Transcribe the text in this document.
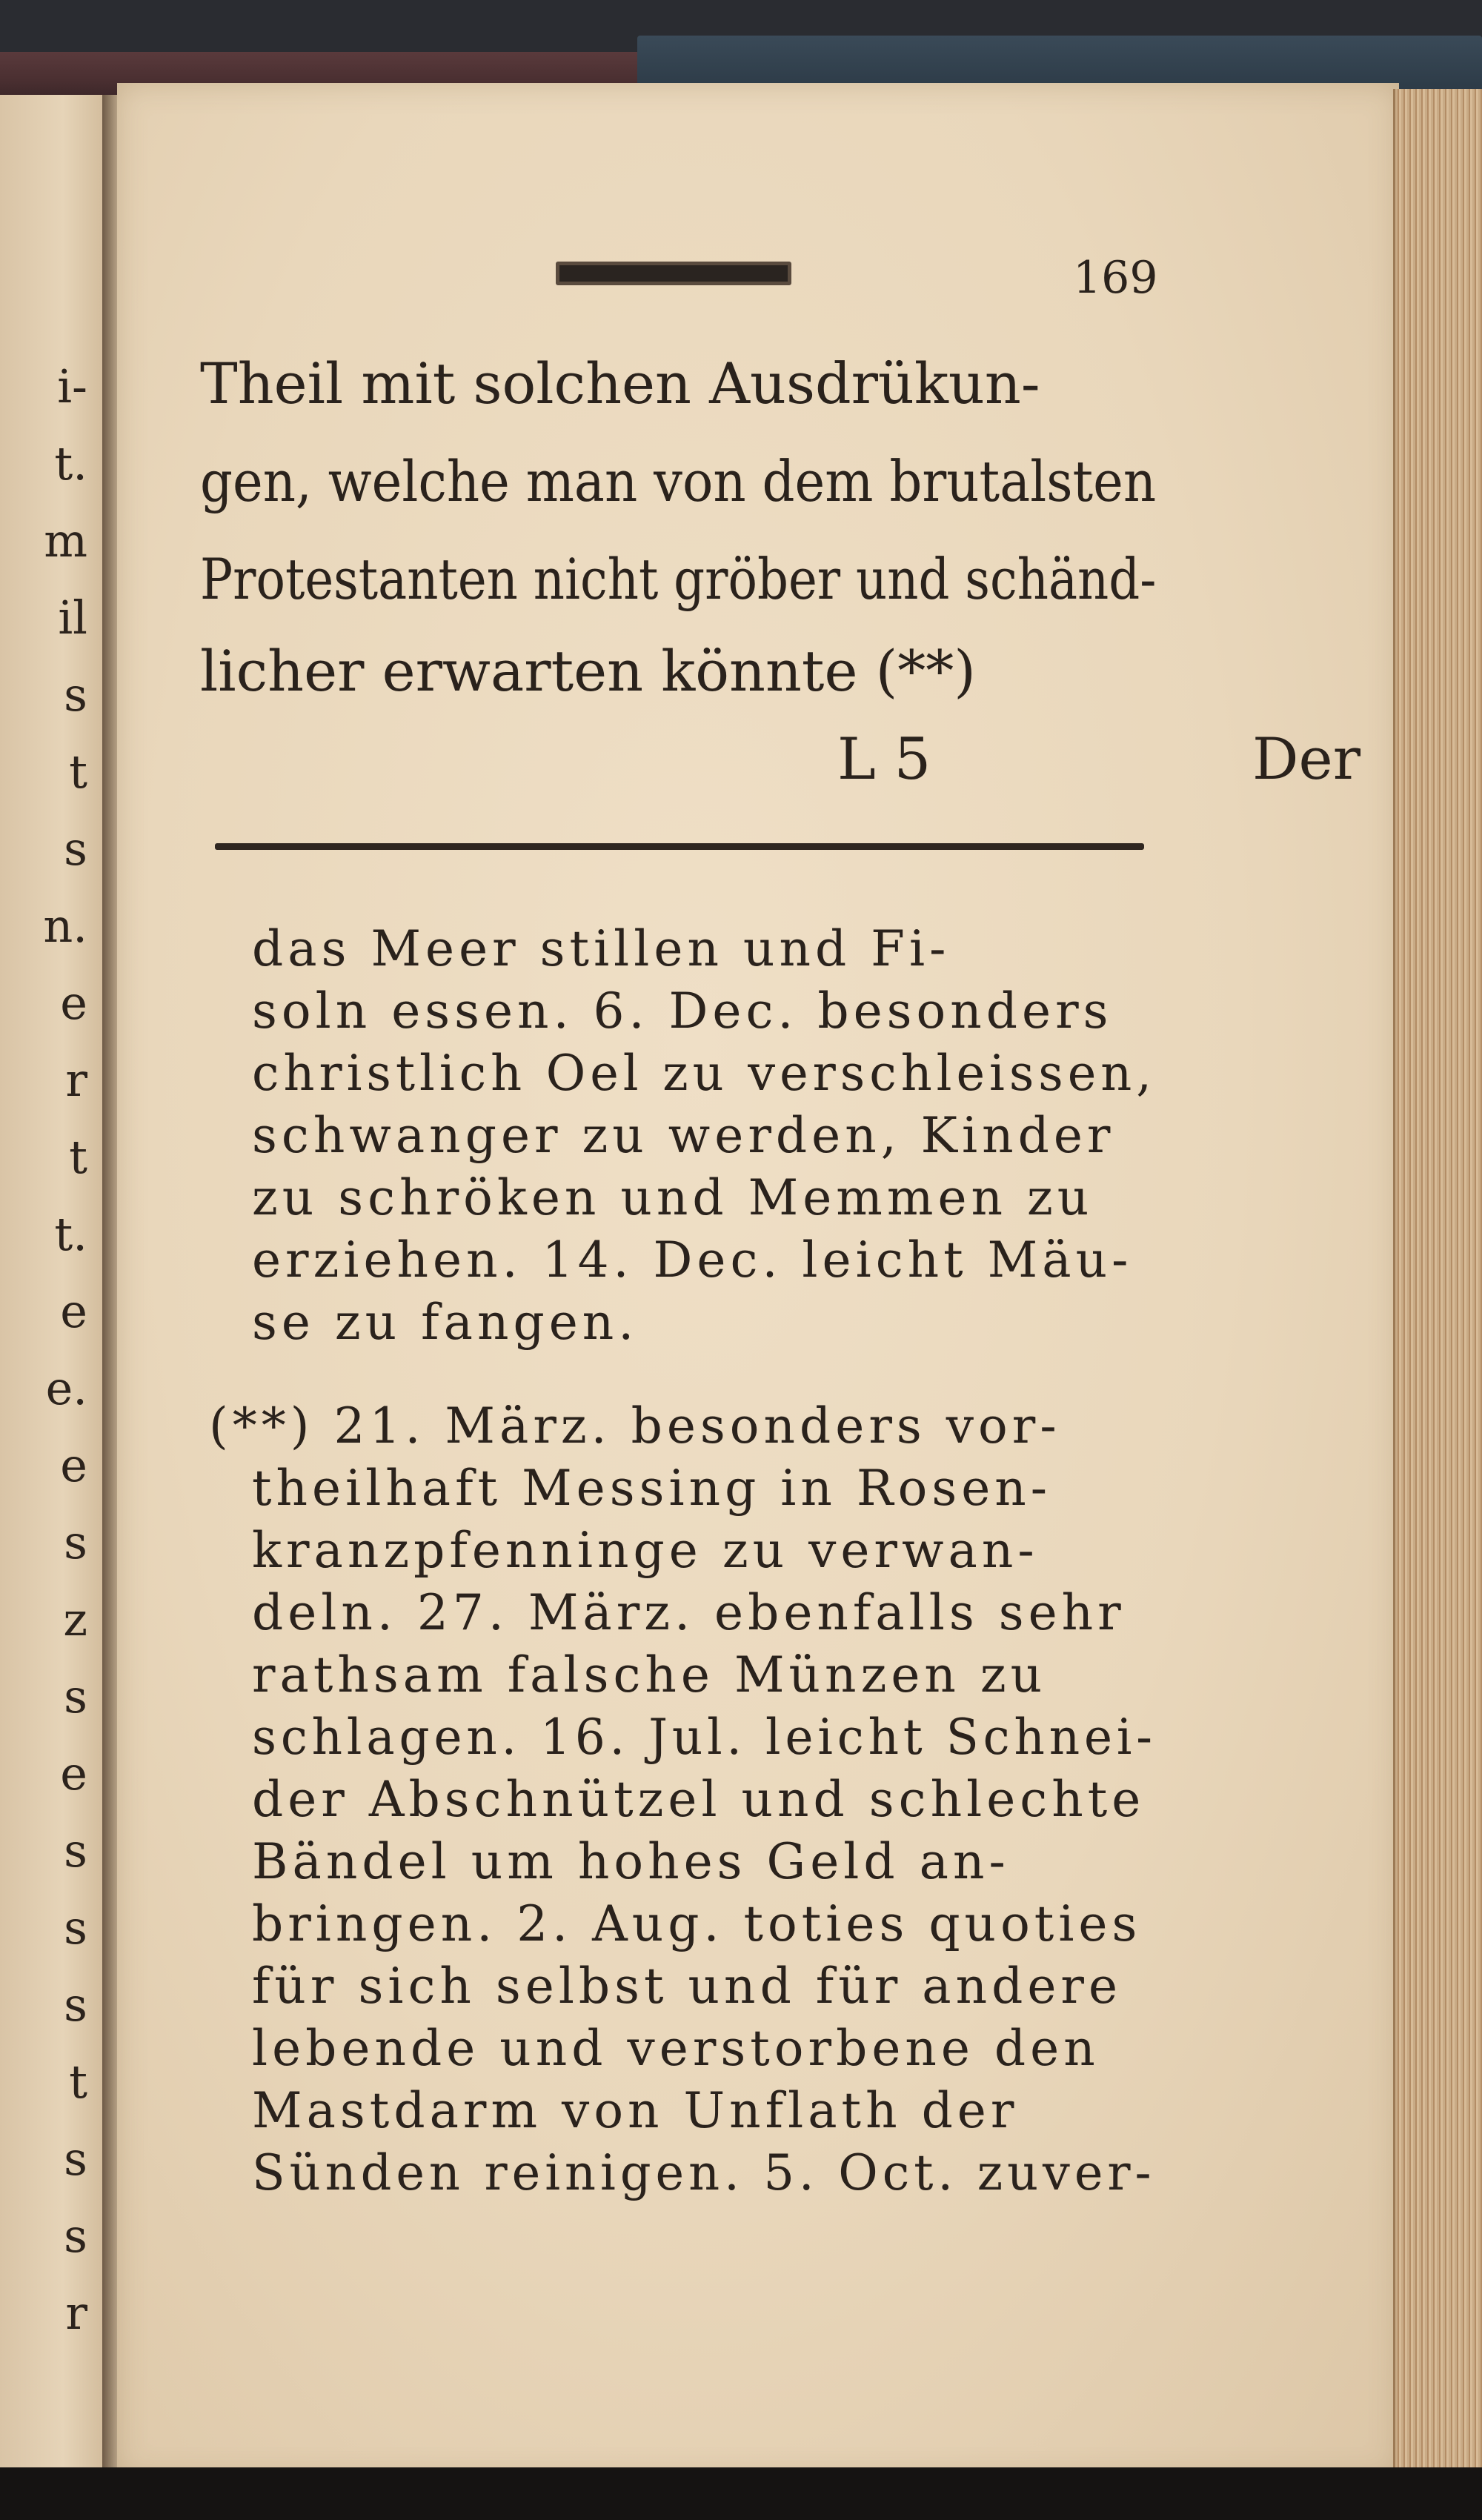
i-
t.
m
il
s
t
s
n.
e
r
t
t.
e
e.
e
s
z
s
e
s
s
s
t
s
s
r
169
Theil mit solchen Ausdrükun-
gen, welche man von dem brutalsten
Protestanten nicht gröber und schänd-
licher erwarten könnte (**)
L 5	Der
das Meer stillen und Fi-
soln essen. 6. Dec. besonders
christlich Oel zu verschleissen,
schwanger zu werden, Kinder
zu schröken und Memmen zu
erziehen. 14. Dec. leicht Mäu-
se zu fangen.
(**) 21. März. besonders vor-
theilhaft Messing in Rosen-
kranzpfenninge zu verwan-
deln. 27. März. ebenfalls sehr
rathsam falsche Münzen zu
schlagen. 16. Jul. leicht Schnei-
der Abschnützel und schlechte
Bändel um hohes Geld an-
bringen. 2. Aug. toties quoties
für sich selbst und für andere
lebende und verstorbene den
Mastdarm von Unflath der
Sünden reinigen. 5. Oct. zuver-
